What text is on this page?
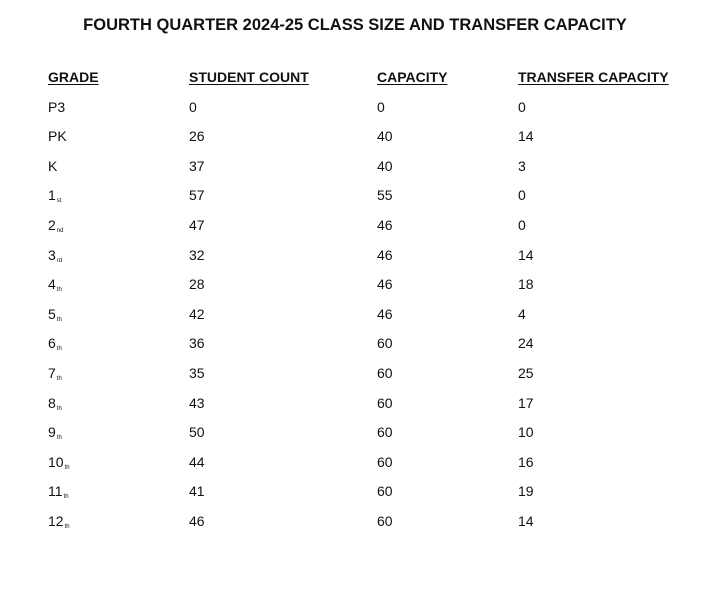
FOURTH QUARTER 2024-25 CLASS SIZE AND TRANSFER CAPACITY
GRADE	STUDENT COUNT	CAPACITY	TRANSFER CAPACITY
P3	0	0	0
PK	26	40	14
K	37	40	3
1st	57	55	0
2nd	47	46	0
3rd	32	46	14
4th	28	46	18
5th	42	46	4
6th	36	60	24
7th	35	60	25
8th	43	60	17
9th	50	60	10
10th	44	60	16
11th	41	60	19
12th	46	60	14
